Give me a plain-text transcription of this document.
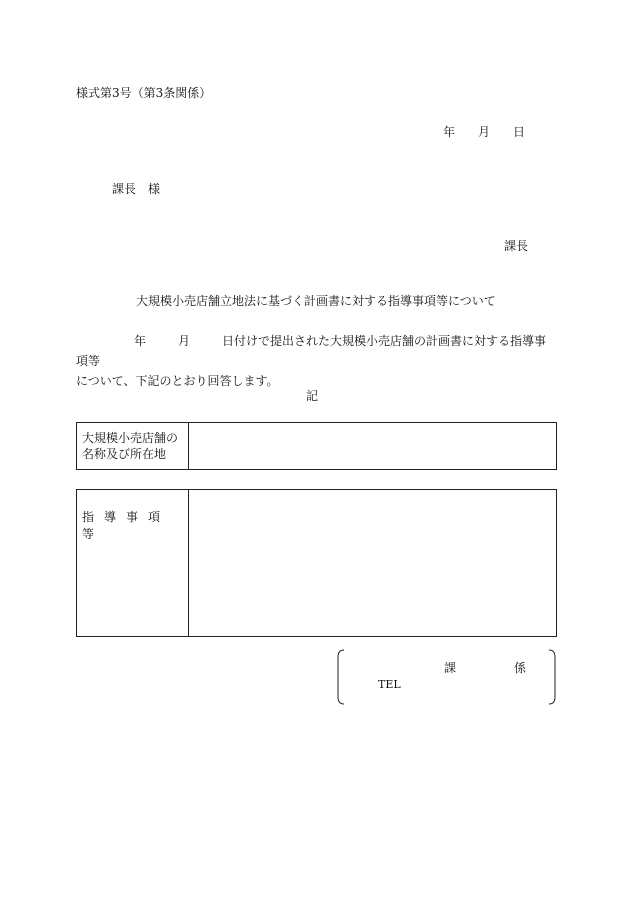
様式第3号（第3条関係）
年 月 日
課長 様
課長
大規模小売店舗立地法に基づく計画書に対する指導事項等について
年	月	日付けで提出された大規模小売店舗の計画書に対する指導事項等
について、下記のとおり回答します。
記
大規模小売店舗の
名称及び所在地	
指導事項等	
課	係
TEL
